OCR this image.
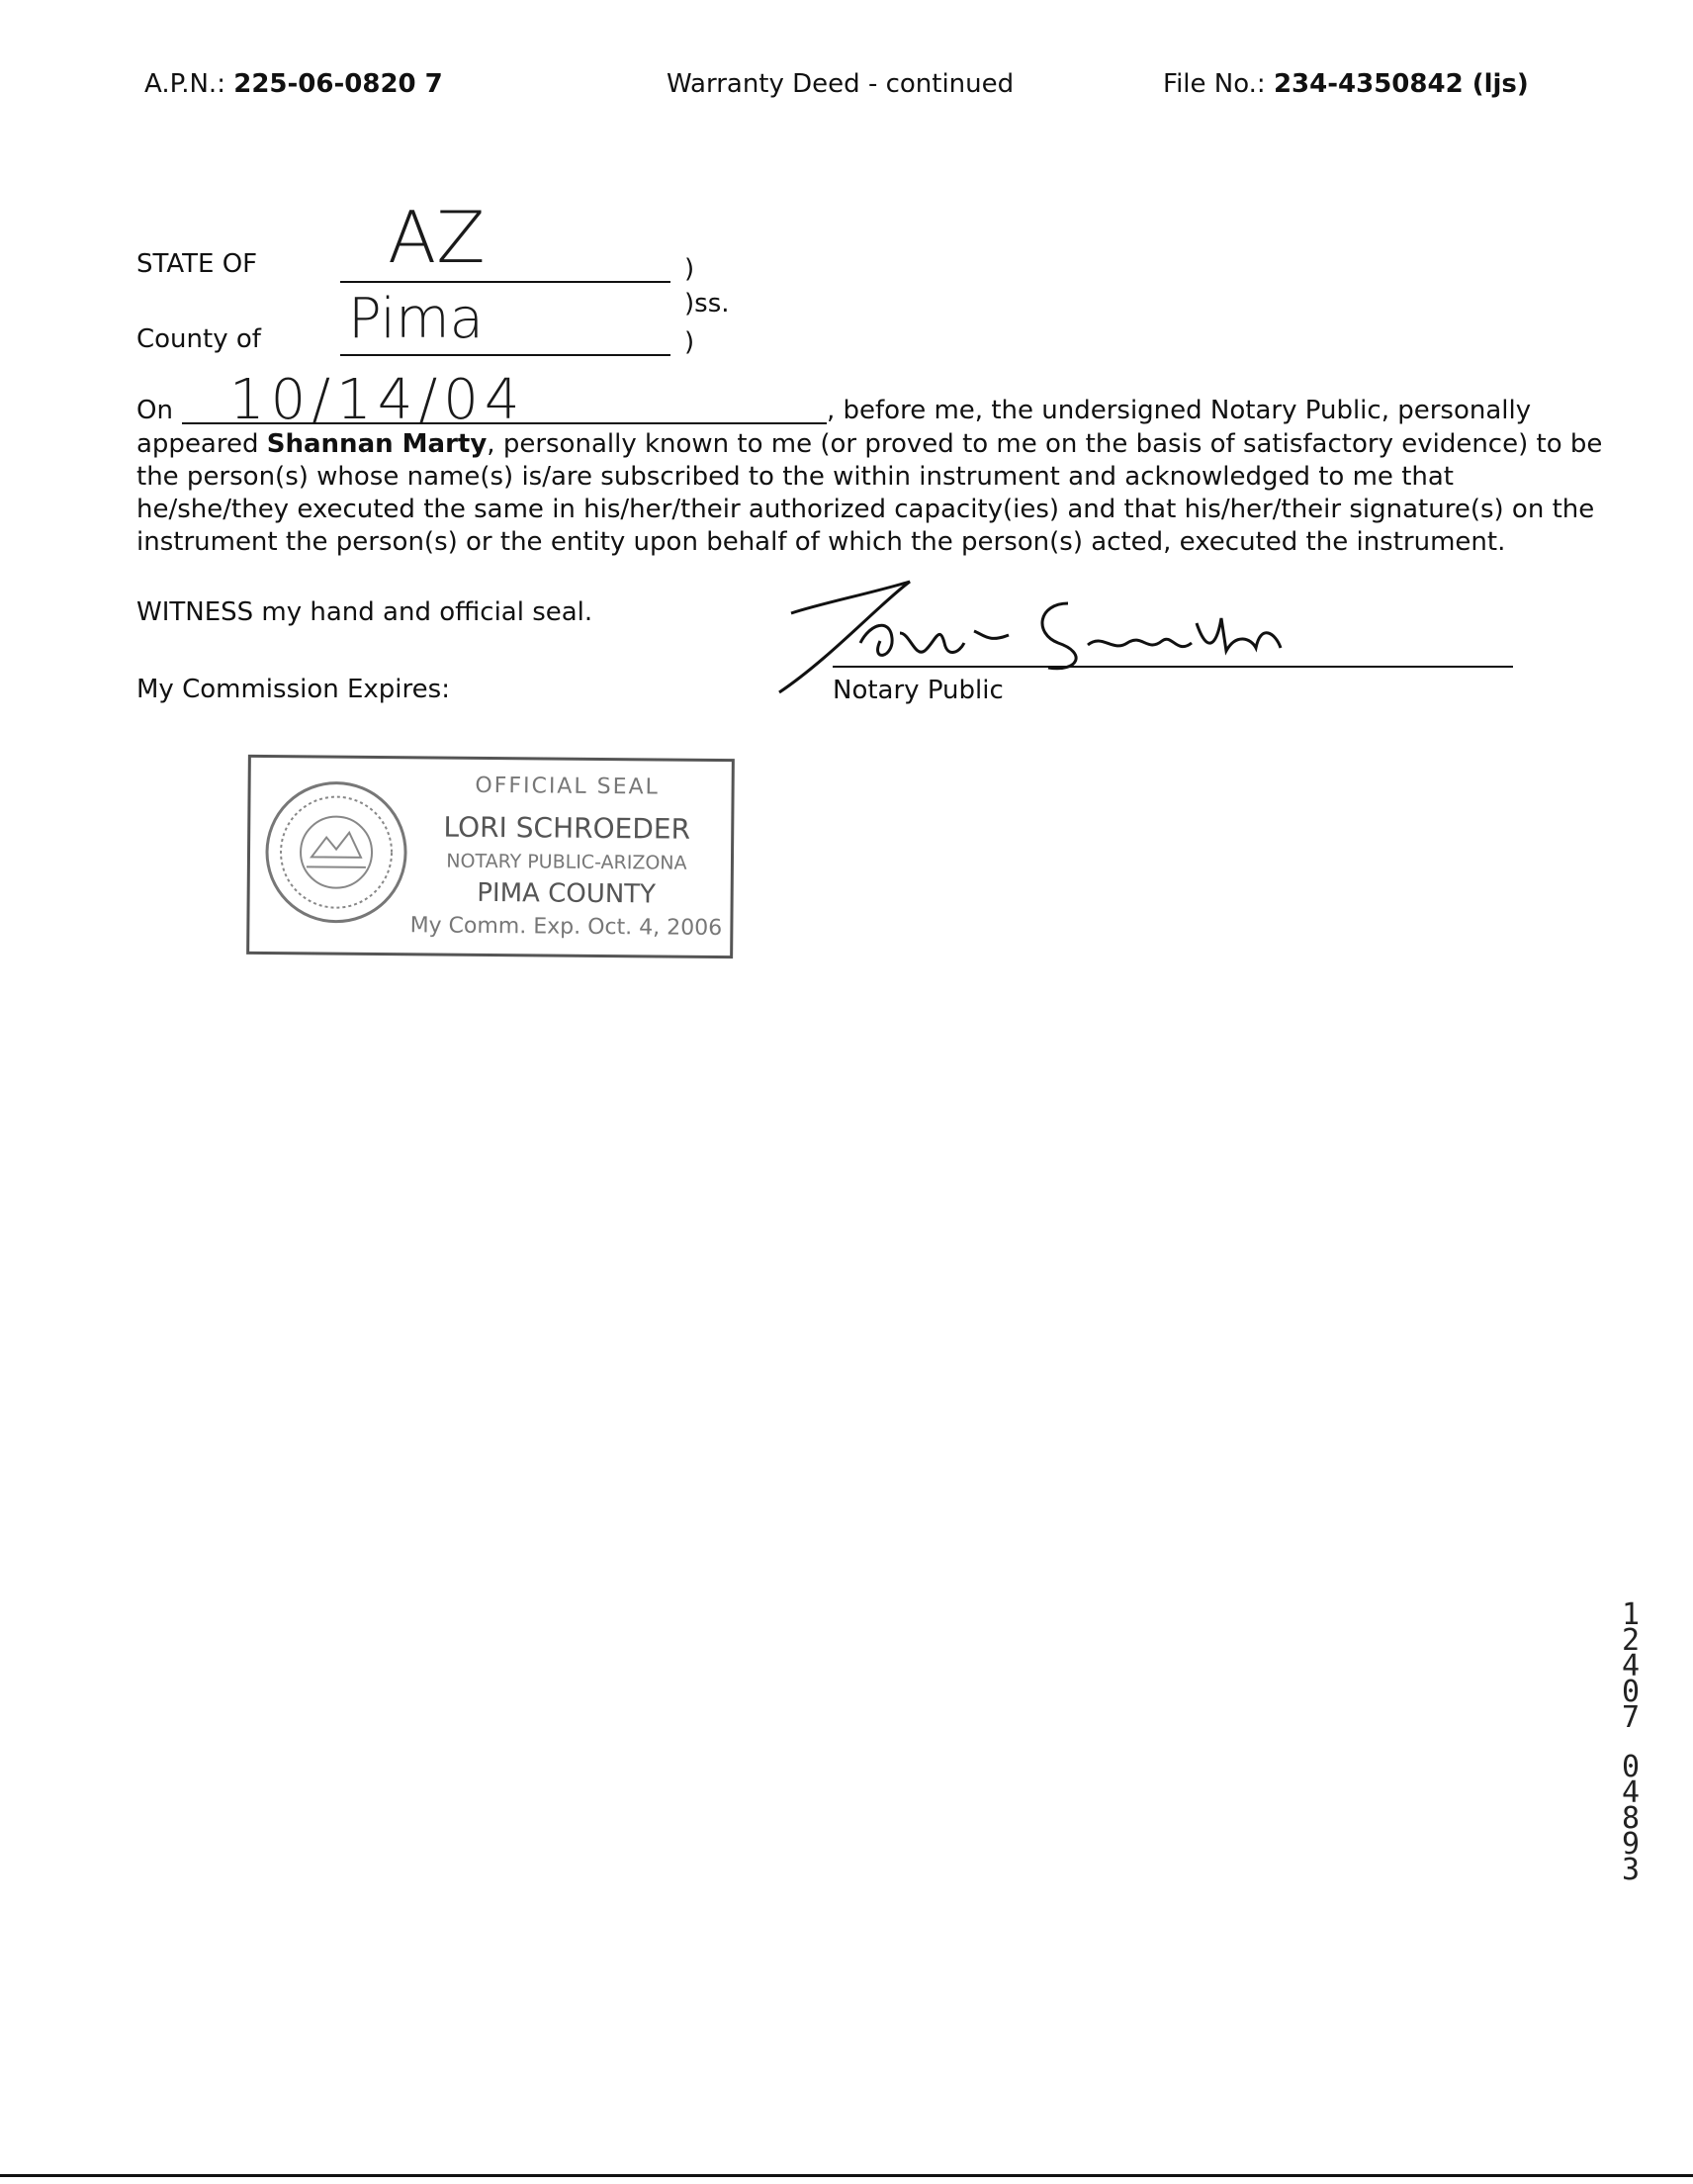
A.P.N.: 225-06-0820 7	Warranty Deed - continued	File No.: 234-4350842 (ljs)
STATE OF AZ	)
)ss.
County of Pima	)
On 10/14/04	, before me, the undersigned Notary Public, personally
appeared Shannan Marty, personally known to me (or proved to me on the basis of satisfactory evidence) to be
the person(s) whose name(s) is/are subscribed to the within instrument and acknowledged to me that
he/she/they executed the same in his/her/their authorized capacity(ies) and that his/her/their signature(s) on the
instrument the person(s) or the entity upon behalf of which the person(s) acted, executed the instrument.
WITNESS my hand and official seal.
My Commission Expires:	Notary Public
OFFICIAL SEAL
LORI SCHROEDER
NOTARY PUBLIC-ARIZONA
PIMA COUNTY
My Comm. Exp. Oct. 4, 2006
1
2
4
0
7
0
4
8
9
3
